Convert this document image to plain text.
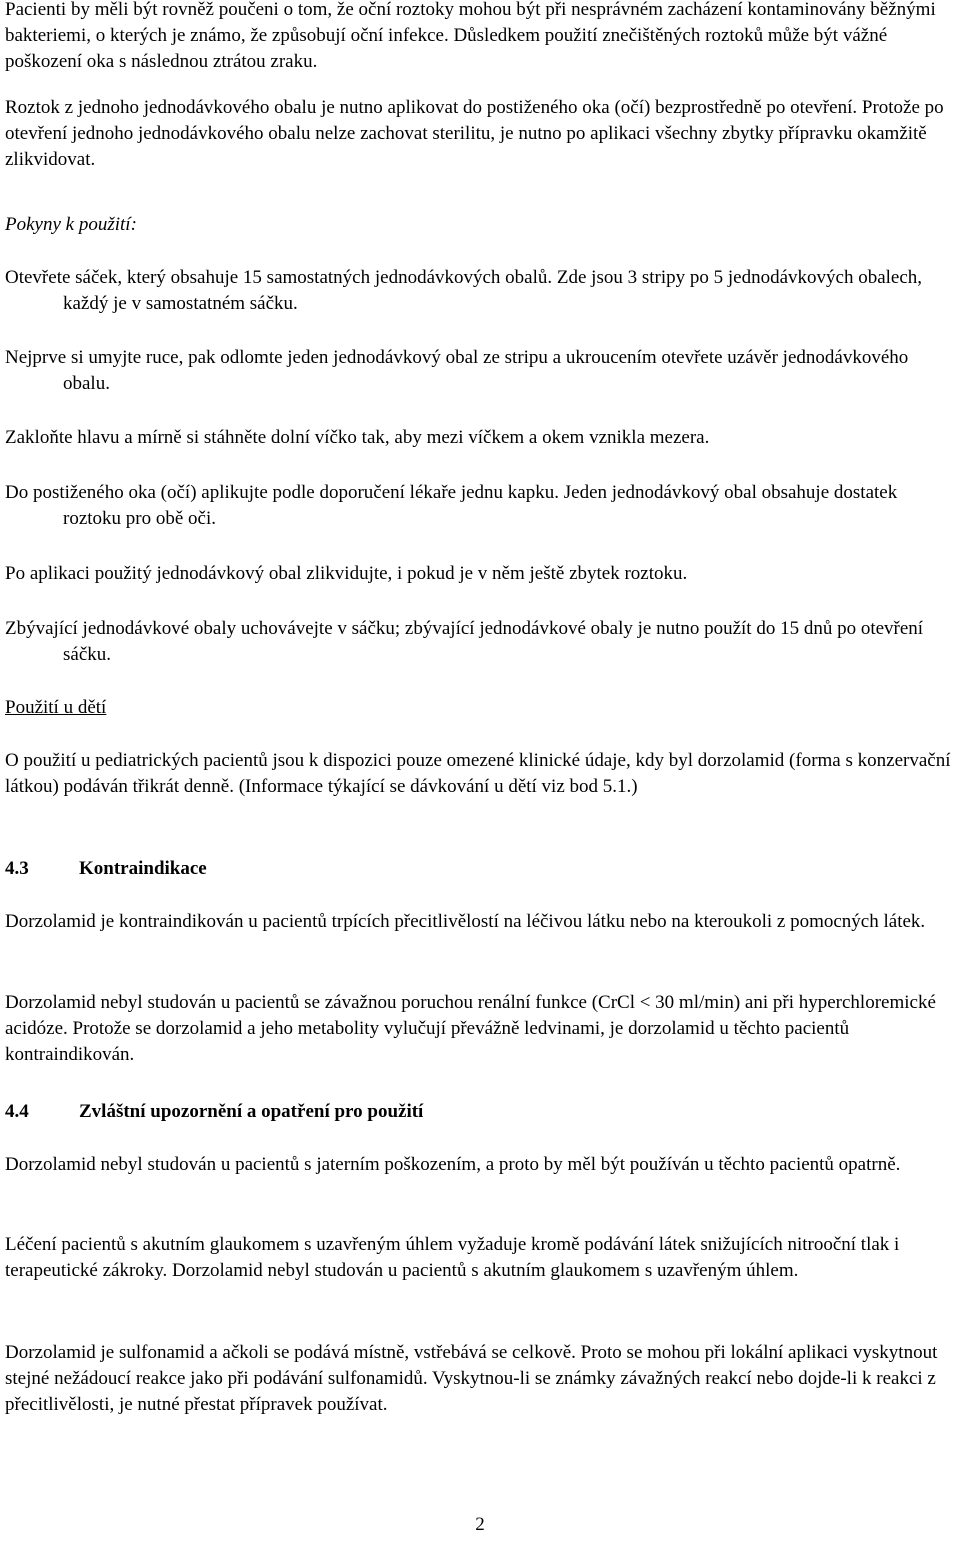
Pacienti by měli být rovněž poučeni o tom, že oční roztoky mohou být při nesprávném zacházení kontaminovány běžnými bakteriemi, o kterých je známo, že způsobují oční infekce. Důsledkem použití znečištěných roztoků může být vážné poškození oka s následnou ztrátou zraku.

Roztok z jednoho jednodávkového obalu je nutno aplikovat do postiženého oka (očí) bezprostředně po otevření. Protože po otevření jednoho jednodávkového obalu nelze zachovat sterilitu, je nutno po aplikaci všechny zbytky přípravku okamžitě zlikvidovat.

Pokyny k použití:

Otevřete sáček, který obsahuje 15 samostatných jednodávkových obalů. Zde jsou 3 stripy po 5 jednodávkových obalech, každý je v samostatném sáčku.

Nejprve si umyjte ruce, pak odlomte jeden jednodávkový obal ze stripu a ukroucením otevřete uzávěr jednodávkového obalu.

Zakloňte hlavu a mírně si stáhněte dolní víčko tak, aby mezi víčkem a okem vznikla mezera.

Do postiženého oka (očí) aplikujte podle doporučení lékaře jednu kapku. Jeden jednodávkový obal obsahuje dostatek roztoku pro obě oči.

Po aplikaci použitý jednodávkový obal zlikvidujte, i pokud je v něm ještě zbytek roztoku.

Zbývající jednodávkové obaly uchovávejte v sáčku; zbývající jednodávkové obaly je nutno použít do 15 dnů po otevření sáčku.

Použití u dětí

O použití u pediatrických pacientů jsou k dispozici pouze omezené klinické údaje, kdy byl dorzolamid (forma s konzervační látkou) podáván třikrát denně. (Informace týkající se dávkování u dětí viz bod 5.1.)

4.3	Kontraindikace

Dorzolamid je kontraindikován u pacientů trpících přecitlivělostí na léčivou látku nebo na kteroukoli z pomocných látek.

Dorzolamid nebyl studován u pacientů se závažnou poruchou renální funkce (CrCl < 30 ml/min) ani při hyperchloremické acidóze. Protože se dorzolamid a jeho metabolity vylučují převážně ledvinami, je dorzolamid u těchto pacientů kontraindikován.

4.4	Zvláštní upozornění a opatření pro použití

Dorzolamid nebyl studován u pacientů s jaterním poškozením, a proto by měl být používán u těchto pacientů opatrně.

Léčení pacientů s akutním glaukomem s uzavřeným úhlem vyžaduje kromě podávání látek snižujících nitrooční tlak i terapeutické zákroky. Dorzolamid nebyl studován u pacientů s akutním glaukomem s uzavřeným úhlem.

Dorzolamid je sulfonamid a ačkoli se podává místně, vstřebává se celkově. Proto se mohou při lokální aplikaci vyskytnout stejné nežádoucí reakce jako při podávání sulfonamidů. Vyskytnou-li se známky závažných reakcí nebo dojde-li k reakci z přecitlivělosti, je nutné přestat přípravek používat.

2
